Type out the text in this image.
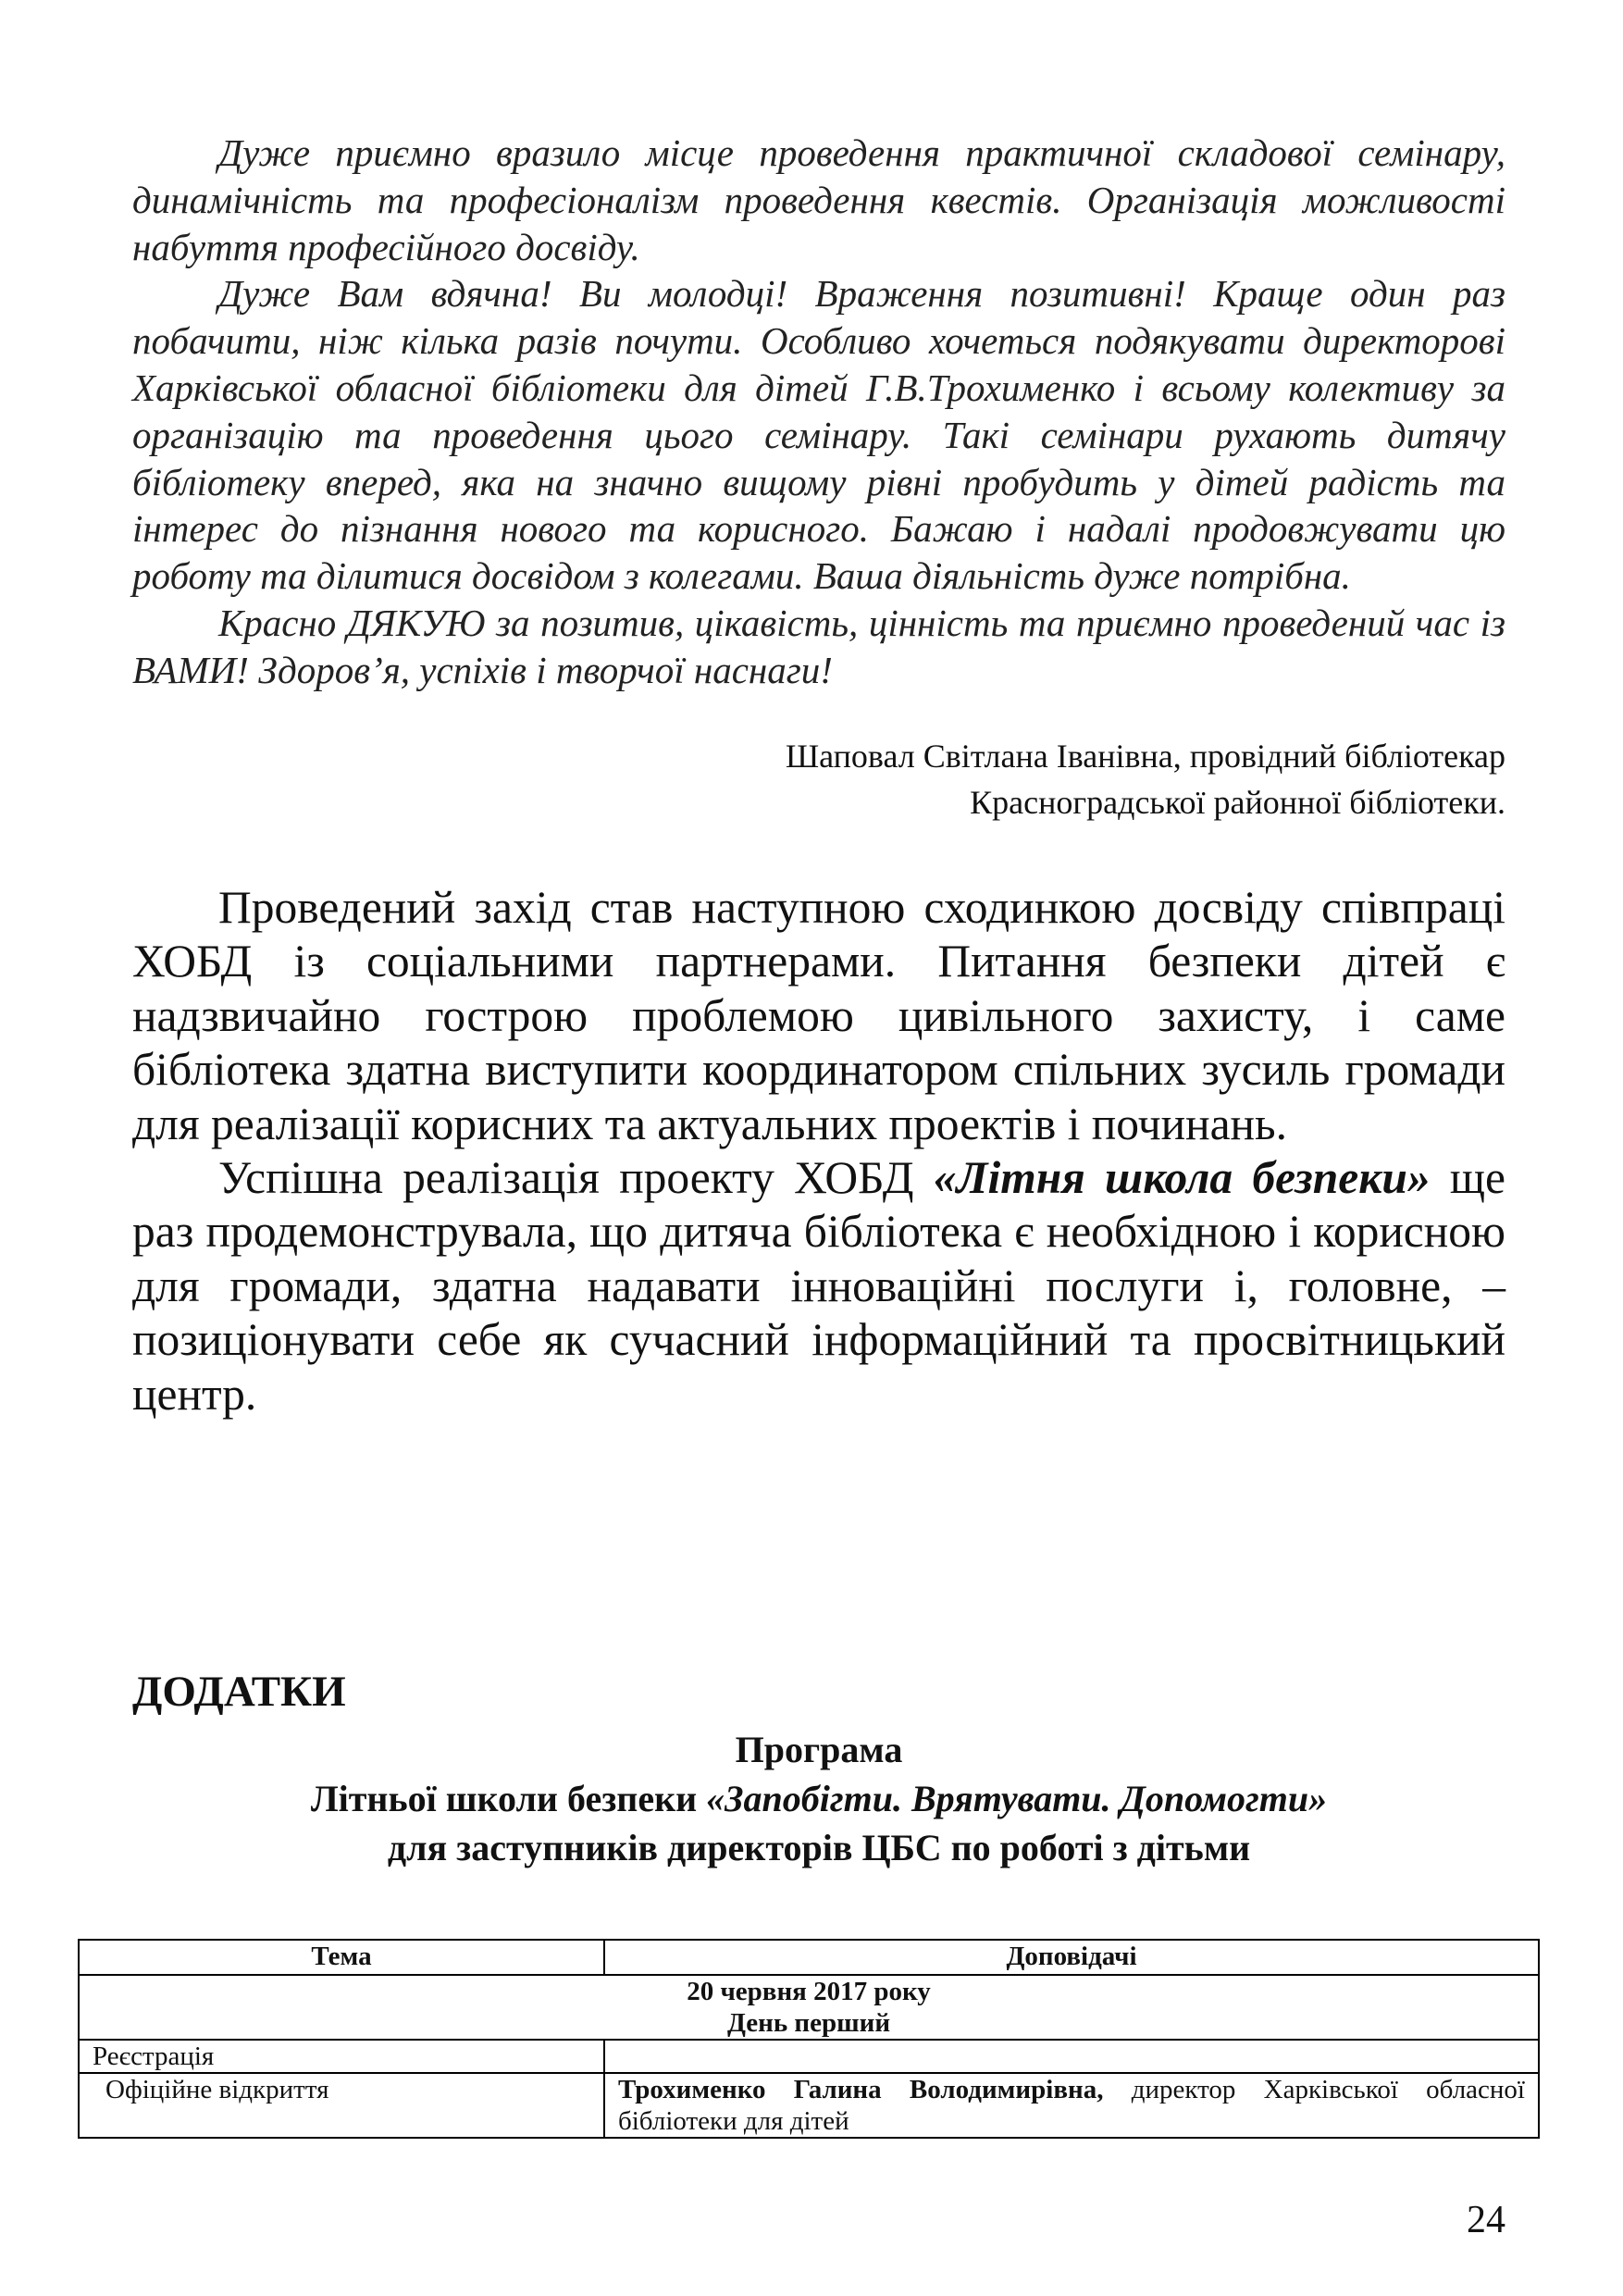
Дуже приємно вразило місце проведення практичної складової семінару, динамічність та професіоналізм проведення квестів. Організація можливості набуття професійного досвіду.

Дуже Вам вдячна! Ви молодці! Враження позитивні! Краще один раз побачити, ніж кілька разів почути. Особливо хочеться подякувати директорові Харківської обласної бібліотеки для дітей Г.В.Трохименко і всьому колективу за організацію та проведення цього семінару. Такі семінари рухають дитячу бібліотеку вперед, яка на значно вищому рівні пробудить у дітей радість та інтерес до пізнання нового та корисного. Бажаю і надалі продовжувати цю роботу та ділитися досвідом з колегами. Ваша діяльність дуже потрібна.

Красно ДЯКУЮ за позитив, цікавість, цінність та приємно проведений час із ВАМИ! Здоров’я, успіхів і творчої наснаги!

Шаповал Світлана Іванівна, провідний бібліотекар
Красноградської районної бібліотеки.

Проведений захід став наступною сходинкою досвіду співпраці ХОБД із соціальними партнерами. Питання безпеки дітей є надзвичайно гострою проблемою цивільного захисту, і саме бібліотека здатна виступити координатором спільних зусиль громади для реалізації корисних та актуальних проектів і починань.

Успішна реалізація проекту ХОБД «Літня школа безпеки» ще раз продемонструвала, що дитяча бібліотека є необхідною і корисною для громади, здатна надавати інноваційні послуги і, головне, – позиціонувати себе як сучасний інформаційний та просвітницький центр.

ДОДАТКИ
Програма
Літньої школи безпеки «Запобігти. Врятувати. Допомогти»
для заступників директорів ЦБС по роботі з дітьми
Тема	Доповідачі

20 червня 2017 року
День перший	

Реєстрація	
Офіційне відкриття	Трохименко Галина Володимирівна, директор Харківської обласної бібліотеки для дітей
24
